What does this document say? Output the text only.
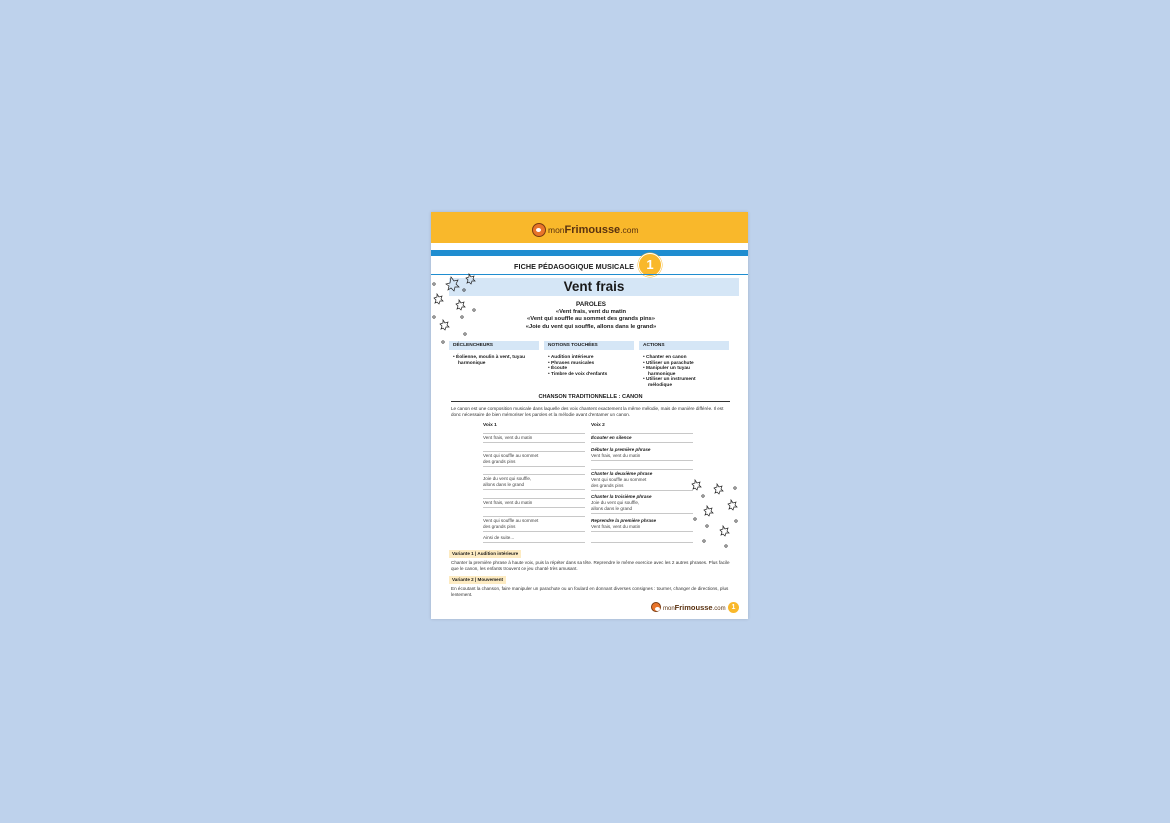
monFrimousse.com
FICHE PÉDAGOGIQUE MUSICALE 1
Vent frais
PAROLES
«Vent frais, vent du matin
«Vent qui souffle au sommet des grands pins»
«Joie du vent qui souffle, allons dans le grand»
DÉCLENCHEURS
• Éolienne, moulin à vent, tuyau harmonique
NOTIONS TOUCHÉES
• Audition intérieure
• Phrases musicales
• Écoute
• Timbre de voix d'enfants
ACTIONS
• Chanter en canon
• Utiliser un parachute
• Manipuler un tuyau harmonique
• Utiliser un instrument mélodique
CHANSON TRADITIONNELLE : CANON
Le canon est une composition musicale dans laquelle des voix chantent exactement la même mélodie, mais de manière différée. Il est donc nécessaire de bien mémoriser les paroles et la mélodie avant d'entamer un canon.
Voix 1	Voix 2
Vent frais, vent du matin
Vent qui souffle au sommet
des grands pins
Joie du vent qui souffle,
allons dans le grand
Vent frais, vent du matin
Vent qui souffle au sommet
des grands pins
Ainsi de suite...
Écouter en silence
Débuter la première phrase
Vent frais, vent du matin
Chanter la deuxième phrase
Vent qui souffle au sommet
des grands pins
Chanter la troisième phrase
Joie du vent qui souffle,
allons dans le grand
Reprendre la première phrase
Vent frais, vent du matin
Variante 1 | Audition intérieure
Chanter la première phrase à haute voix, puis la répéter dans sa tête. Reprendre le même exercice avec les 2 autres phrases. Plus facile que le canon, les enfants trouvent ce jeu chanté très amusant.
Variante 2 | Mouvement
En écoutant la chanson, faire manipuler un parachute ou un foulard en donnant diverses consignes : tourner, changer de directions, plus lentement.
monFrimousse.com 1
